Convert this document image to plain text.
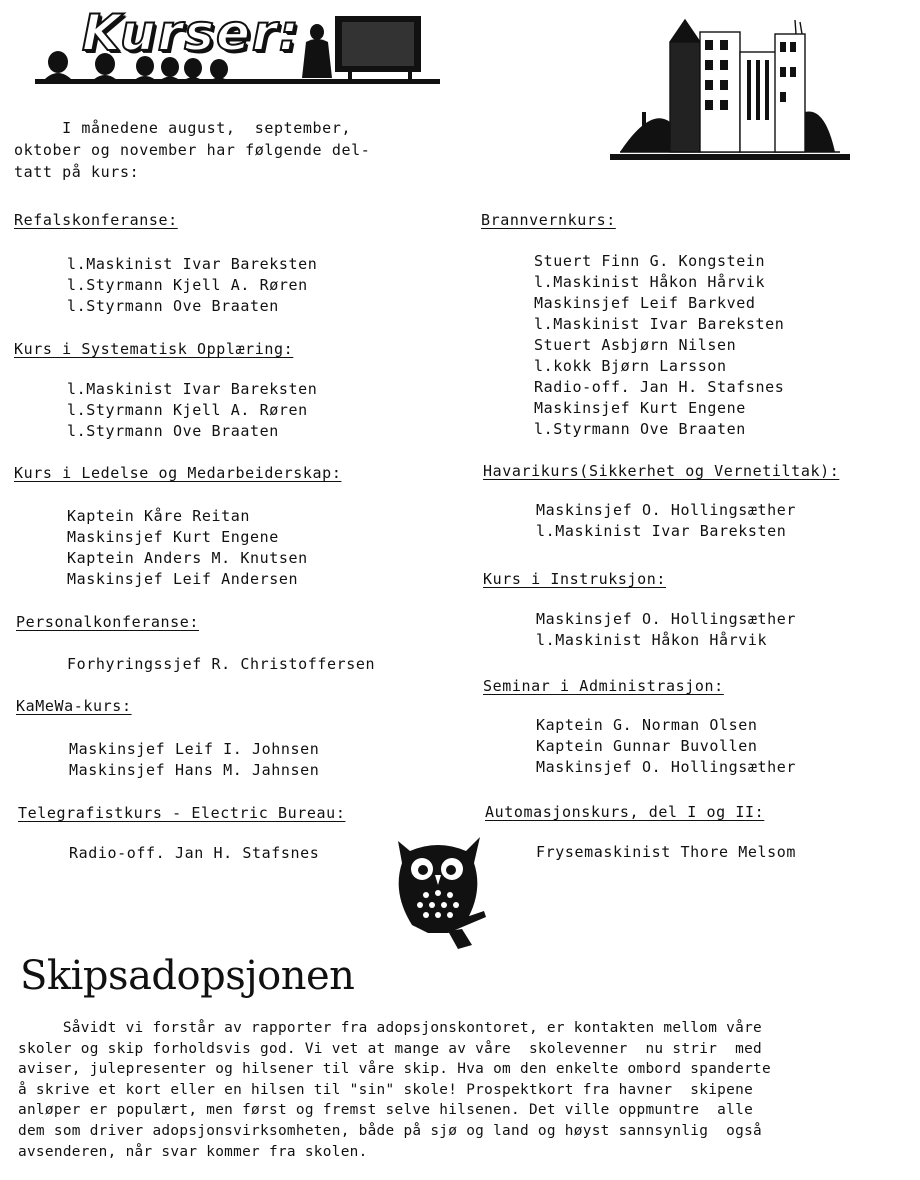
Kurser:
I månedene august,  september,
oktober og november har følgende del-
tatt på kurs:
Refalskonferanse:
l.Maskinist Ivar Bareksten
l.Styrmann Kjell A. Røren
l.Styrmann Ove Braaten
Kurs i Systematisk Opplæring:
l.Maskinist Ivar Bareksten
l.Styrmann Kjell A. Røren
l.Styrmann Ove Braaten
Kurs i Ledelse og Medarbeiderskap:
Kaptein Kåre Reitan
Maskinsjef Kurt Engene
Kaptein Anders M. Knutsen
Maskinsjef Leif Andersen
Personalkonferanse:
Forhyringssjef R. Christoffersen
KaMeWa-kurs:
Maskinsjef Leif I. Johnsen
Maskinsjef Hans M. Jahnsen
Telegrafistkurs - Electric Bureau:
Radio-off. Jan H. Stafsnes
Brannvernkurs:
Stuert Finn G. Kongstein
l.Maskinist Håkon Hårvik
Maskinsjef Leif Barkved
l.Maskinist Ivar Bareksten
Stuert Asbjørn Nilsen
l.kokk Bjørn Larsson
Radio-off. Jan H. Stafsnes
Maskinsjef Kurt Engene
l.Styrmann Ove Braaten
Havarikurs(Sikkerhet og Vernetiltak):
Maskinsjef O. Hollingsæther
l.Maskinist Ivar Bareksten
Kurs i Instruksjon:
Maskinsjef O. Hollingsæther
l.Maskinist Håkon Hårvik
Seminar i Administrasjon:
Kaptein G. Norman Olsen
Kaptein Gunnar Buvollen
Maskinsjef O. Hollingsæther
Automasjonskurs, del I og II:
Frysemaskinist Thore Melsom
Skipsadopsjonen
Såvidt vi forstår av rapporter fra adopsjonskontoret, er kontakten mellom våre
skoler og skip forholdsvis god. Vi vet at mange av våre  skolevenner  nu strir  med
aviser, julepresenter og hilsener til våre skip. Hva om den enkelte ombord spanderte
å skrive et kort eller en hilsen til "sin" skole! Prospektkort fra havner  skipene
anløper er populært, men først og fremst selve hilsenen. Det ville oppmuntre  alle
dem som driver adopsjonsvirksomheten, både på sjø og land og høyst sannsynlig  også
avsenderen, når svar kommer fra skolen.
